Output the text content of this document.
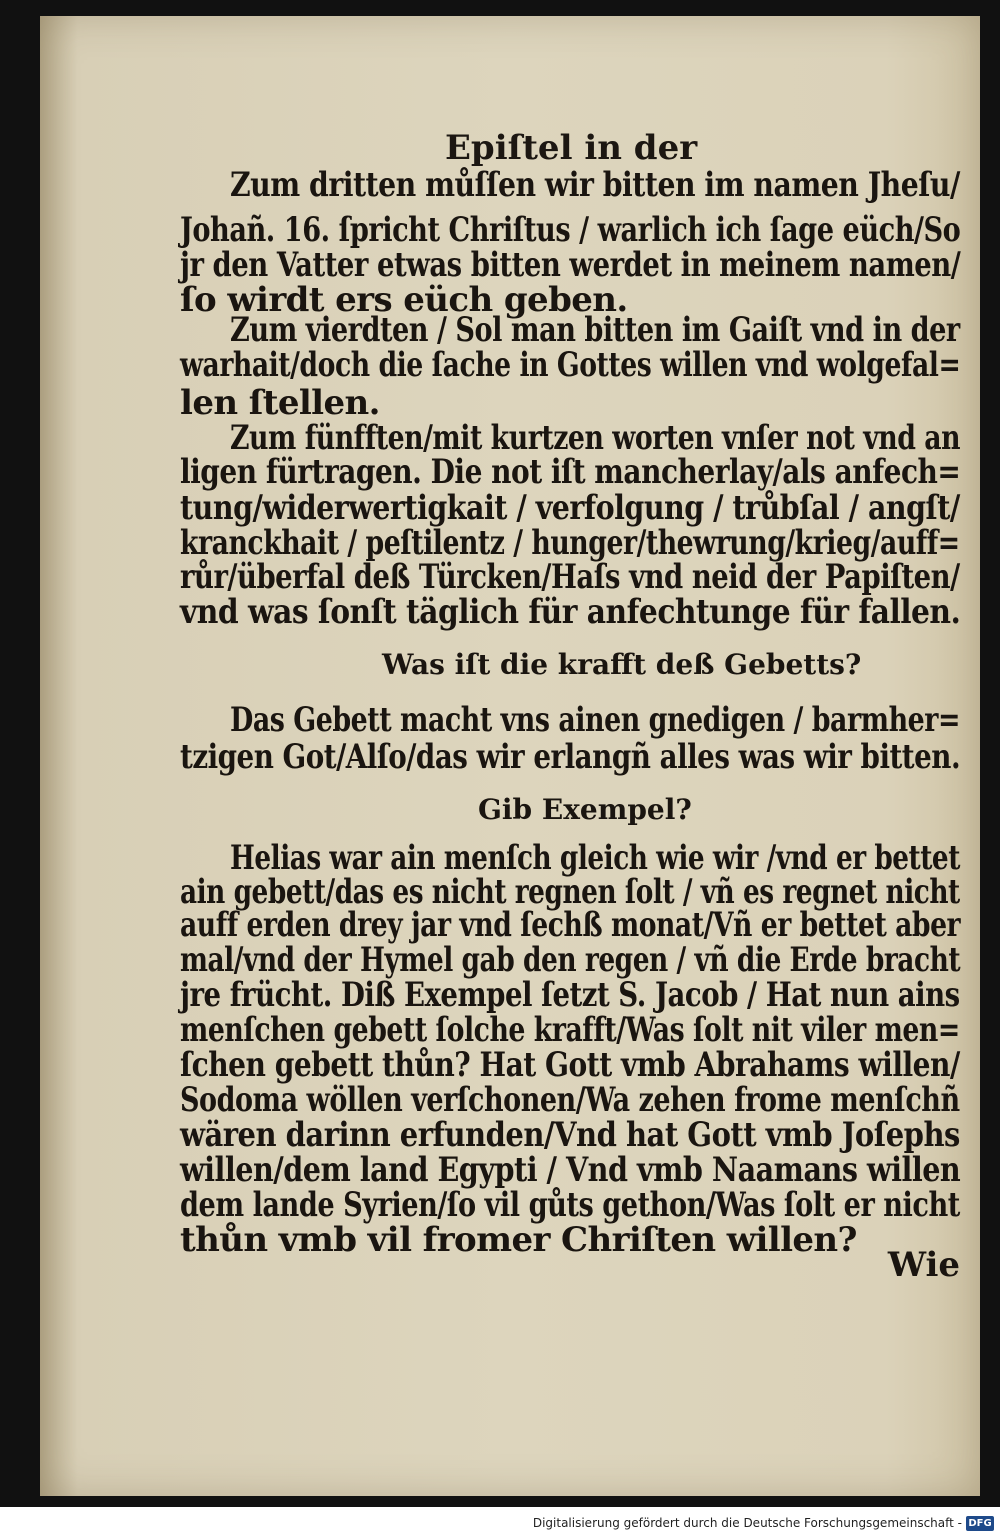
Epiſtel in der
Zum dritten můſſen wir bitten im namen Jheſu/
Johañ. 16. ſpricht Chriſtus / warlich ich ſage eüch/So
jr den Vatter etwas bitten werdet in meinem namen/
ſo wirdt ers eüch geben.
Zum vierdten / Sol man bitten im Gaiſt vnd in der
warhait/doch die ſache in Gottes willen vnd wolgefal=
len ſtellen.
Zum fünfften/mit kurtzen worten vnſer not vnd an
ligen fürtragen. Die not iſt mancherlay/als anfech=
tung/widerwertigkait / verfolgung / trůbſal / angſt/
kranckhait / peſtilentz / hunger/thewrung/krieg/auff=
růr/überfal deß Türcken/Haſs vnd neid der Papiſten/
vnd was ſonſt täglich für anfechtunge für fallen.
Was iſt die krafft deß Gebetts?
Das Gebett macht vns ainen gnedigen / barmher=
tzigen Got/Alſo/das wir erlangñ alles was wir bitten.
Gib Exempel?
Helias war ain menſch gleich wie wir /vnd er bettet
ain gebett/das es nicht regnen ſolt / vñ es regnet nicht
auff erden drey jar vnd ſechß monat/Vñ er bettet aber
mal/vnd der Hymel gab den regen / vñ die Erde bracht
jre frücht. Diß Exempel ſetzt S. Jacob / Hat nun ains
menſchen gebett ſolche krafft/Was ſolt nit viler men=
ſchen gebett thůn? Hat Gott vmb Abrahams willen/
Sodoma wöllen verſchonen/Wa zehen frome menſchñ
wären darinn erfunden/Vnd hat Gott vmb Joſephs
willen/dem land Egypti / Vnd vmb Naamans willen
dem lande Syrien/ſo vil gůts gethon/Was ſolt er nicht
thůn vmb vil fromer Chriſten willen?
Wie
Digitalisierung gefördert durch die Deutsche Forschungsgemeinschaft - DFG
